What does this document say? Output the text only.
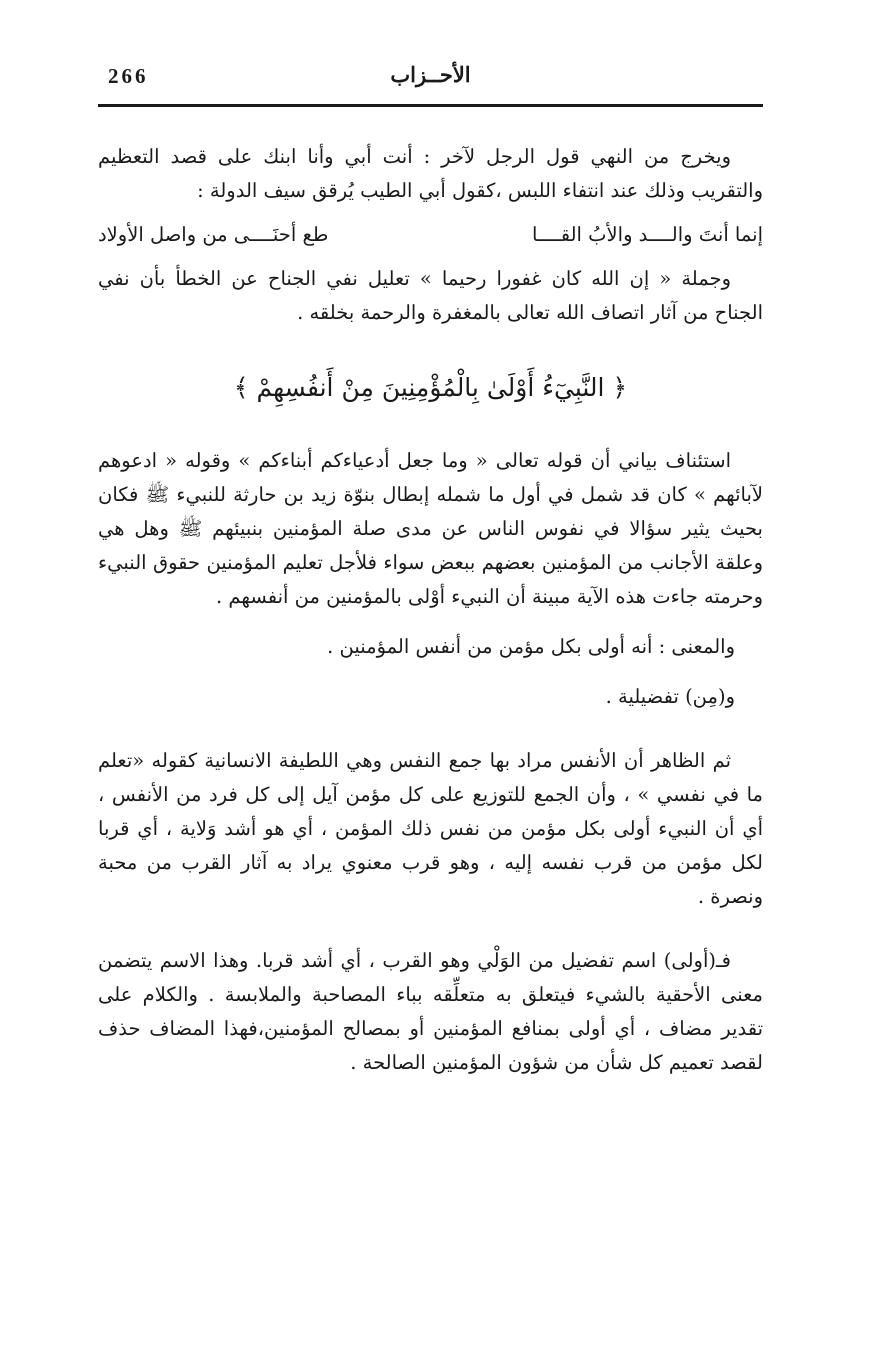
266	الأحــزاب

ويخرج من النهي قول الرجل لآخر : أنت أبي وأنا ابنك على قصد التعظيم والتقريب وذلك عند انتفاء اللبس ،كقول أبي الطيب يُرقق سيف الدولة :

إنما أنتَ والــــد والأبُ القــــا
طع أحنَــــى من واصل الأولاد

وجملة « إن الله كان غفورا رحيما » تعليل نفي الجناح عن الخطأ بأن نفي الجناح من آثار اتصاف الله تعالى بالمغفرة والرحمة بخلقه .

﴿ النَّبِيٓءُ أَوْلَىٰ بِالْمُؤْمِنِينَ مِنْ أَنفُسِهِمْ ﴾

استئناف بياني أن قوله تعالى « وما جعل أدعياءكم أبناءكم » وقوله « ادعوهم لآبائهم » كان قد شمل في أول ما شمله إبطال بنوّة زيد بن حارثة للنبيء ﷺ فكان بحيث يثير سؤالا في نفوس الناس عن مدى صلة المؤمنين بنبيئهم ﷺ وهل هي وعلقة الأجانب من المؤمنين بعضهم ببعض سواء فلأجل تعليم المؤمنين حقوق النبيء وحرمته جاءت هذه الآية مبينة أن النبيء أوْلى بالمؤمنين من أنفسهم .

والمعنى : أنه أولى بكل مؤمن من أنفس المؤمنين .

و(مِن) تفضيلية .

ثم الظاهر أن الأنفس مراد بها جمع النفس وهي اللطيفة الانسانية كقوله «تعلم ما في نفسي » ، وأن الجمع للتوزيع على كل مؤمن آيل إلى كل فرد من الأنفس ، أي أن النبيء أولى بكل مؤمن من نفس ذلك المؤمن ، أي هو أشد وَلاية ، أي قربا لكل مؤمن من قرب نفسه إليه ، وهو قرب معنوي يراد به آثار القرب من محبة ونصرة .

فـ(أولى) اسم تفضيل من الوَلْي وهو القرب ، أي أشد قربا. وهذا الاسم يتضمن معنى الأحقية بالشيء فيتعلق به متعلِّقه بباء المصاحبة والملابسة . والكلام على تقدير مضاف ، أي أولى بمنافع المؤمنين أو بمصالح المؤمنين،فهذا المضاف حذف لقصد تعميم كل شأن من شؤون المؤمنين الصالحة .
